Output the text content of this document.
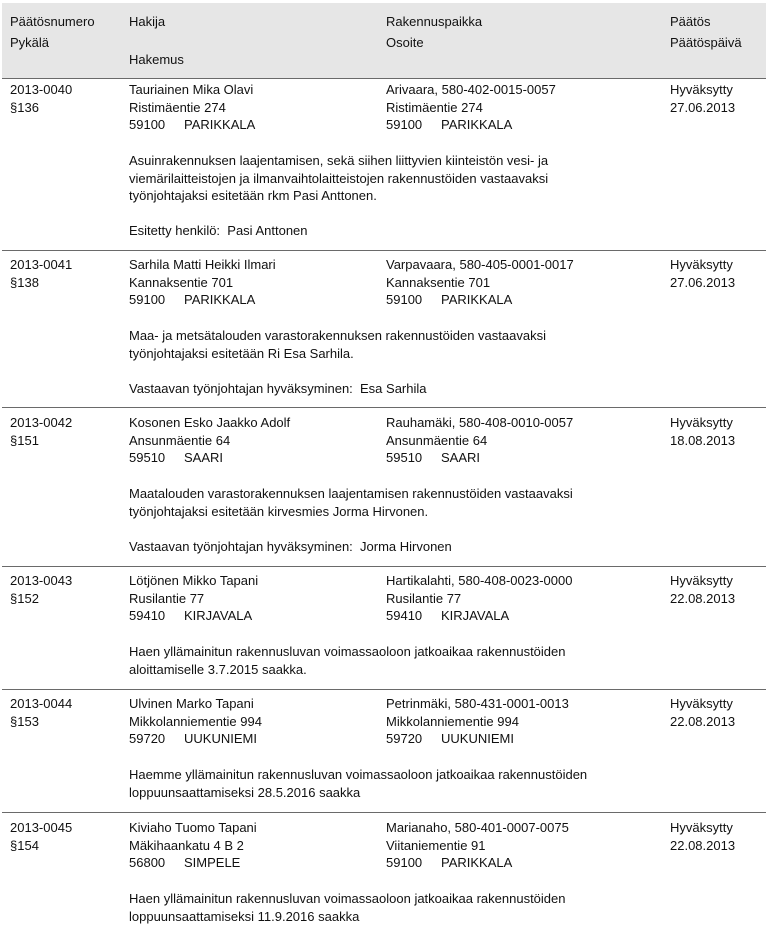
Päätösnumero
Pykälä
Hakija
Hakemus
Rakennuspaikka
Osoite
Päätös
Päätöspäivä
2013-0040
§136
Tauriainen Mika Olavi
Ristimäentie 274
59100 PARIKKALA
Arivaara, 580-402-0015-0057
Ristimäentie 274
59100 PARIKKALA
Hyväksytty
27.06.2013
Asuinrakennuksen laajentamisen, sekä siihen liittyvien kiinteistön vesi- ja
viemärilaitteistojen ja ilmanvaihtolaitteistojen rakennustöiden vastaavaksi
työnjohtajaksi esitetään rkm Pasi Anttonen.
Esitetty henkilö: Pasi Anttonen
2013-0041
§138
Sarhila Matti Heikki Ilmari
Kannaksentie 701
59100 PARIKKALA
Varpavaara, 580-405-0001-0017
Kannaksentie 701
59100 PARIKKALA
Hyväksytty
27.06.2013
Maa- ja metsätalouden varastorakennuksen rakennustöiden vastaavaksi
työnjohtajaksi esitetään Ri Esa Sarhila.
Vastaavan työnjohtajan hyväksyminen: Esa Sarhila
2013-0042
§151
Kosonen Esko Jaakko Adolf
Ansunmäentie 64
59510 SAARI
Rauhamäki, 580-408-0010-0057
Ansunmäentie 64
59510 SAARI
Hyväksytty
18.08.2013
Maatalouden varastorakennuksen laajentamisen rakennustöiden vastaavaksi
työnjohtajaksi esitetään kirvesmies Jorma Hirvonen.
Vastaavan työnjohtajan hyväksyminen: Jorma Hirvonen
2013-0043
§152
Lötjönen Mikko Tapani
Rusilantie 77
59410 KIRJAVALA
Hartikalahti, 580-408-0023-0000
Rusilantie 77
59410 KIRJAVALA
Hyväksytty
22.08.2013
Haen yllämainitun rakennusluvan voimassaoloon jatkoaikaa rakennustöiden
aloittamiselle 3.7.2015 saakka.
2013-0044
§153
Ulvinen Marko Tapani
Mikkolanniementie 994
59720 UUKUNIEMI
Petrinmäki, 580-431-0001-0013
Mikkolanniementie 994
59720 UUKUNIEMI
Hyväksytty
22.08.2013
Haemme yllämainitun rakennusluvan voimassaoloon jatkoaikaa rakennustöiden
loppuunsaattamiseksi 28.5.2016 saakka
2013-0045
§154
Kiviaho Tuomo Tapani
Mäkihaankatu 4 B 2
56800 SIMPELE
Marianaho, 580-401-0007-0075
Viitaniementie 91
59100 PARIKKALA
Hyväksytty
22.08.2013
Haen yllämainitun rakennusluvan voimassaoloon jatkoaikaa rakennustöiden
loppuunsaattamiseksi 11.9.2016 saakka
